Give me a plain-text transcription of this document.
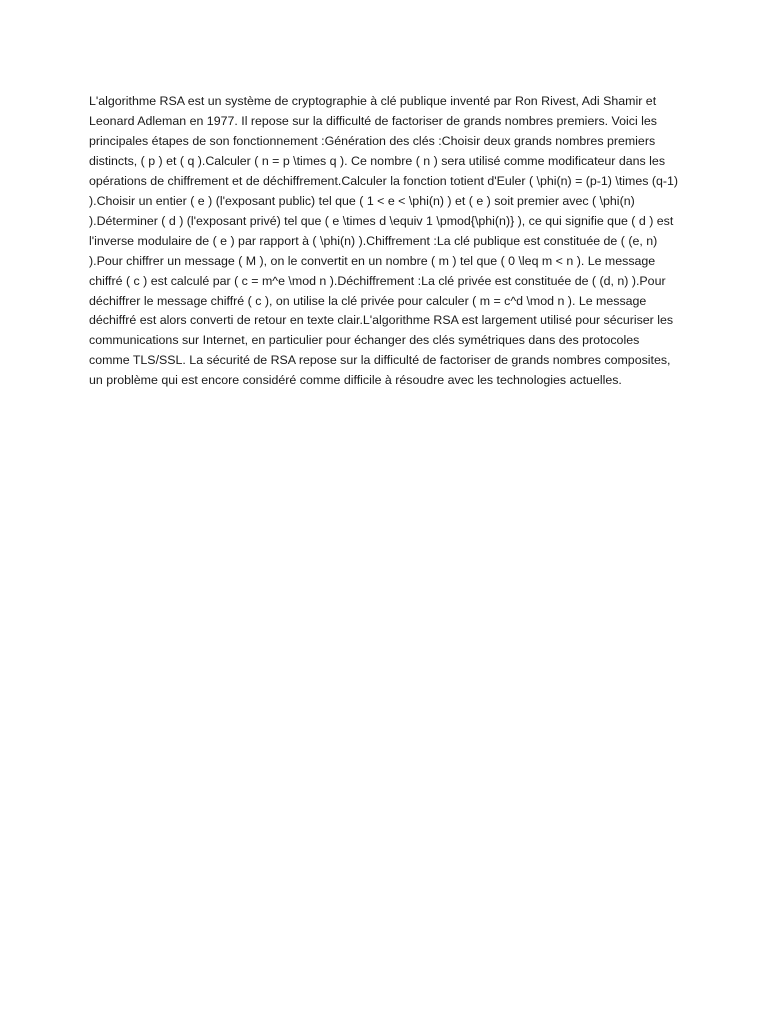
L'algorithme RSA est un système de cryptographie à clé publique inventé par Ron Rivest, Adi Shamir et Leonard Adleman en 1977. Il repose sur la difficulté de factoriser de grands nombres premiers. Voici les principales étapes de son fonctionnement :Génération des clés :Choisir deux grands nombres premiers distincts, ( p ) et ( q ).Calculer ( n = p \times q ). Ce nombre ( n ) sera utilisé comme modificateur dans les opérations de chiffrement et de déchiffrement.Calculer la fonction totient d'Euler ( \phi(n) = (p-1) \times (q-1) ).Choisir un entier ( e ) (l'exposant public) tel que ( 1 < e < \phi(n) ) et ( e ) soit premier avec ( \phi(n) ).Déterminer ( d ) (l'exposant privé) tel que ( e \times d \equiv 1 \pmod{\phi(n)} ), ce qui signifie que ( d ) est l'inverse modulaire de ( e ) par rapport à ( \phi(n) ).Chiffrement :La clé publique est constituée de ( (e, n) ).Pour chiffrer un message ( M ), on le convertit en un nombre ( m ) tel que ( 0 \leq m < n ). Le message chiffré ( c ) est calculé par ( c = m^e \mod n ).Déchiffrement :La clé privée est constituée de ( (d, n) ).Pour déchiffrer le message chiffré ( c ), on utilise la clé privée pour calculer ( m = c^d \mod n ). Le message déchiffré est alors converti de retour en texte clair.L'algorithme RSA est largement utilisé pour sécuriser les communications sur Internet, en particulier pour échanger des clés symétriques dans des protocoles comme TLS/SSL. La sécurité de RSA repose sur la difficulté de factoriser de grands nombres composites, un problème qui est encore considéré comme difficile à résoudre avec les technologies actuelles.
